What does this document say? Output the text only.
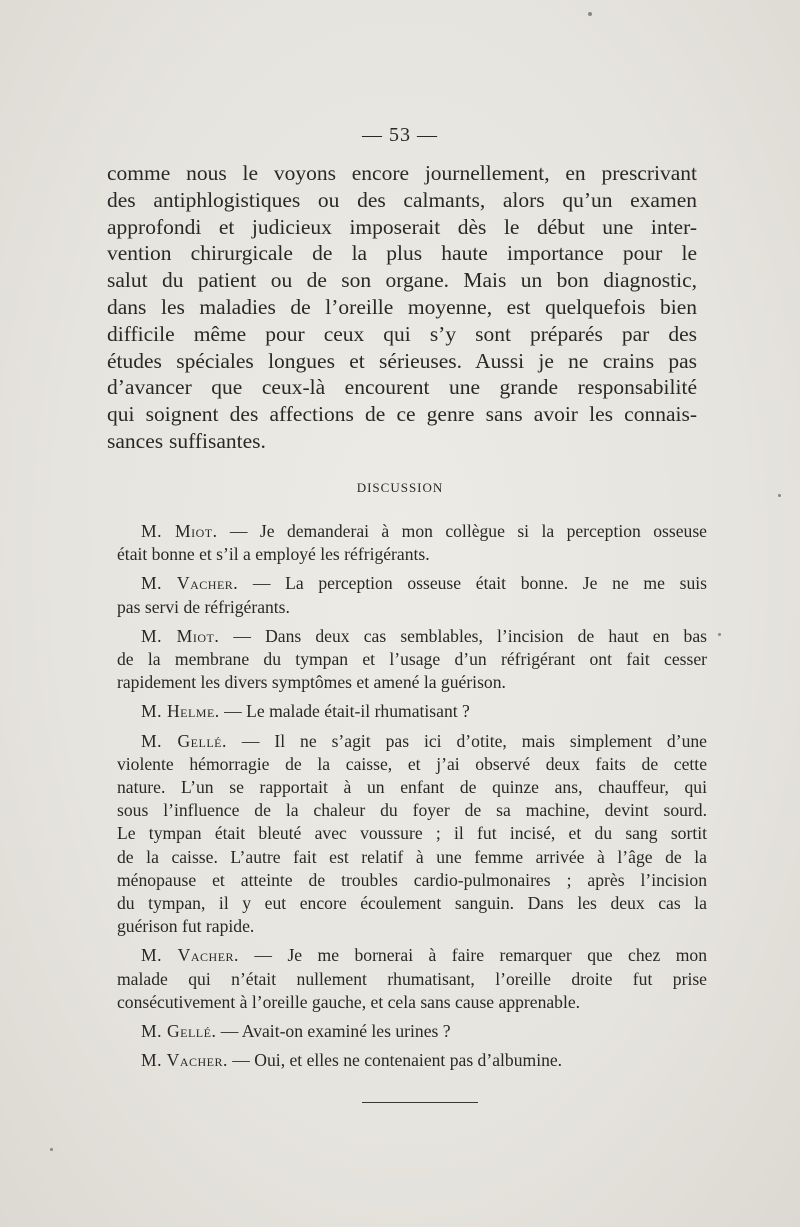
— 53 —
comme nous le voyons encore journellement, en prescrivant
des antiphlogistiques ou des calmants, alors qu’un examen
approfondi et judicieux imposerait dès le début une inter-
vention chirurgicale de la plus haute importance pour le
salut du patient ou de son organe. Mais un bon diagnostic,
dans les maladies de l’oreille moyenne, est quelquefois bien
difficile même pour ceux qui s’y sont préparés par des
études spéciales longues et sérieuses. Aussi je ne crains pas
d’avancer que ceux-là encourent une grande responsabilité
qui soignent des affections de ce genre sans avoir les connais-
sances suffisantes.
DISCUSSION
M. Miot. — Je demanderai à mon collègue si la perception osseuse
était bonne et s’il a employé les réfrigérants.
M. Vacher. — La perception osseuse était bonne. Je ne me suis
pas servi de réfrigérants.
M. Miot. — Dans deux cas semblables, l’incision de haut en bas
de la membrane du tympan et l’usage d’un réfrigérant ont fait cesser
rapidement les divers symptômes et amené la guérison.
M. Helme. — Le malade était-il rhumatisant ?
M. Gellé. — Il ne s’agit pas ici d’otite, mais simplement d’une
violente hémorragie de la caisse, et j’ai observé deux faits de cette
nature. L’un se rapportait à un enfant de quinze ans, chauffeur, qui
sous l’influence de la chaleur du foyer de sa machine, devint sourd.
Le tympan était bleuté avec voussure ; il fut incisé, et du sang sortit
de la caisse. L’autre fait est relatif à une femme arrivée à l’âge de la
ménopause et atteinte de troubles cardio-pulmonaires ; après l’incision
du tympan, il y eut encore écoulement sanguin. Dans les deux cas la
guérison fut rapide.
M. Vacher. — Je me bornerai à faire remarquer que chez mon
malade qui n’était nullement rhumatisant, l’oreille droite fut prise
consécutivement à l’oreille gauche, et cela sans cause apprenable.
M. Gellé. — Avait-on examiné les urines ?
M. Vacher. — Oui, et elles ne contenaient pas d’albumine.
